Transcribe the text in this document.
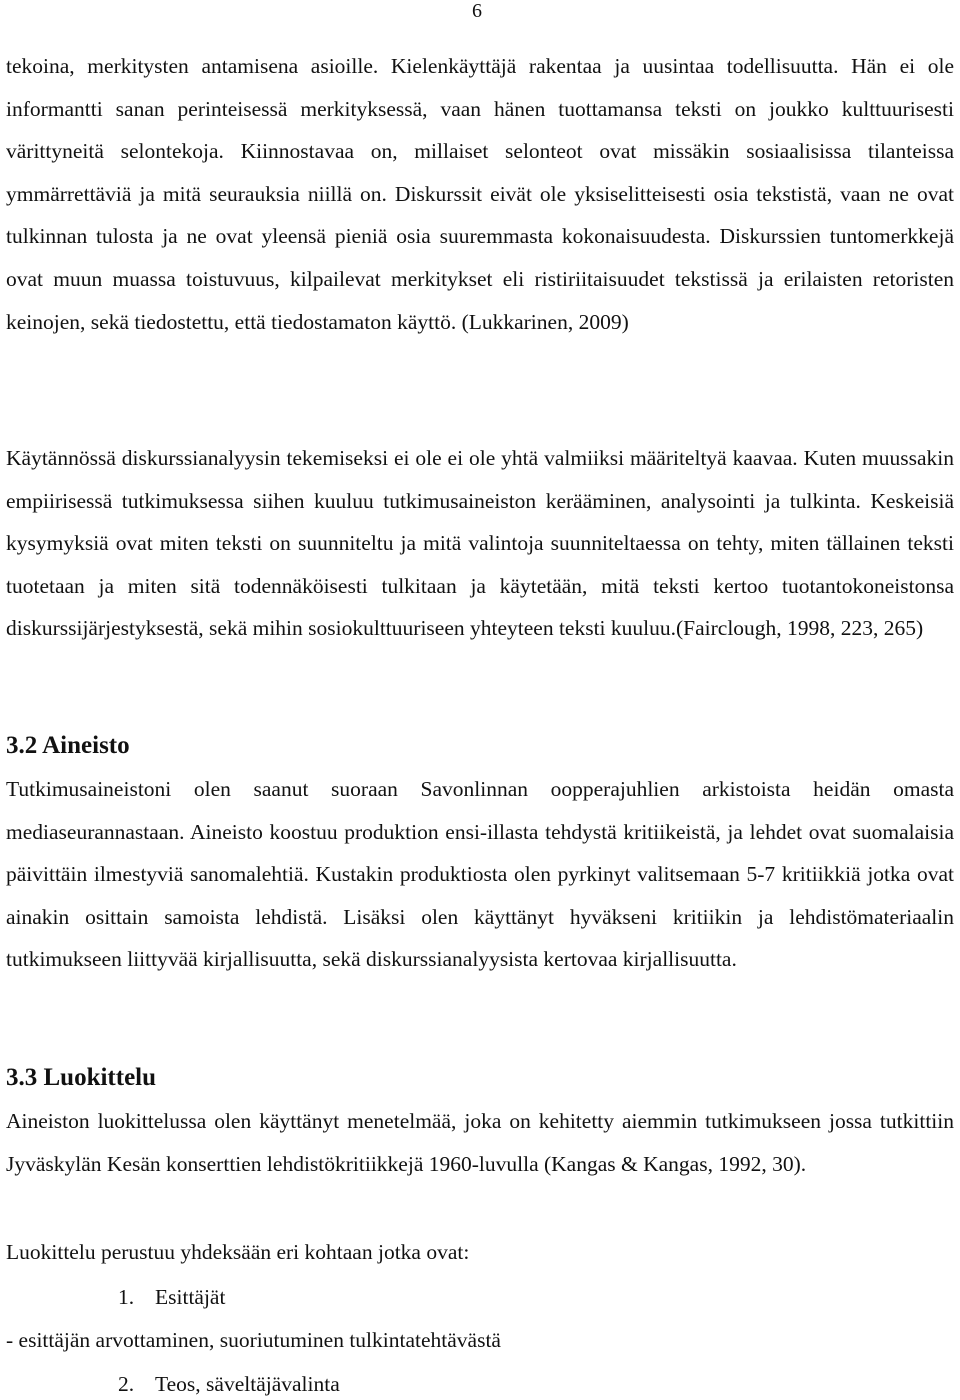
6

tekoina, merkitysten antamisena asioille. Kielenkäyttäjä rakentaa ja uusintaa todellisuutta. Hän ei ole informantti sanan perinteisessä merkityksessä, vaan hänen tuottamansa teksti on joukko kulttuurisesti värittyneitä selontekoja. Kiinnostavaa on, millaiset selonteot ovat missäkin sosiaalisissa tilanteissa ymmärrettäviä ja mitä seurauksia niillä on. Diskurssit eivät ole yksiselitteisesti osia tekstistä, vaan ne ovat tulkinnan tulosta ja ne ovat yleensä pieniä osia suuremmasta kokonaisuudesta. Diskurssien tuntomerkkejä ovat muun muassa toistuvuus, kilpailevat merkitykset eli ristiriitaisuudet tekstissä ja erilaisten retoristen keinojen, sekä tiedostettu, että tiedostamaton käyttö. (Lukkarinen, 2009)

Käytännössä diskurssianalyysin tekemiseksi ei ole ei ole yhtä valmiiksi määriteltyä kaavaa. Kuten muussakin empiirisessä tutkimuksessa siihen kuuluu tutkimusaineiston kerääminen, analysointi ja tulkinta. Keskeisiä kysymyksiä ovat miten teksti on suunniteltu ja mitä valintoja suunniteltaessa on tehty, miten tällainen teksti tuotetaan ja miten sitä todennäköisesti tulkitaan ja käytetään, mitä teksti kertoo tuotantokoneistonsa diskurssijärjestyksestä, sekä mihin sosiokulttuuriseen yhteyteen teksti kuuluu.(Fairclough, 1998, 223, 265)

3.2 Aineisto

Tutkimusaineistoni olen saanut suoraan Savonlinnan oopperajuhlien arkistoista heidän omasta mediaseurannastaan. Aineisto koostuu produktion ensi-illasta tehdystä kritiikeistä, ja lehdet ovat suomalaisia päivittäin ilmestyviä sanomalehtiä. Kustakin produktiosta olen pyrkinyt valitsemaan 5-7 kritiikkiä jotka ovat ainakin osittain samoista lehdistä. Lisäksi olen käyttänyt hyväkseni kritiikin ja lehdistömateriaalin tutkimukseen liittyvää kirjallisuutta, sekä diskurssianalyysista kertovaa kirjallisuutta.

3.3 Luokittelu

Aineiston luokittelussa olen käyttänyt menetelmää, joka on kehitetty aiemmin tutkimukseen jossa tutkittiin Jyväskylän Kesän konserttien lehdistökritiikkejä 1960-luvulla (Kangas & Kangas, 1992, 30).

Luokittelu perustuu yhdeksään eri kohtaan jotka ovat:
1. Esittäjät
- esittäjän arvottaminen, suoriutuminen tulkintatehtävästä
2. Teos, säveltäjävalinta
